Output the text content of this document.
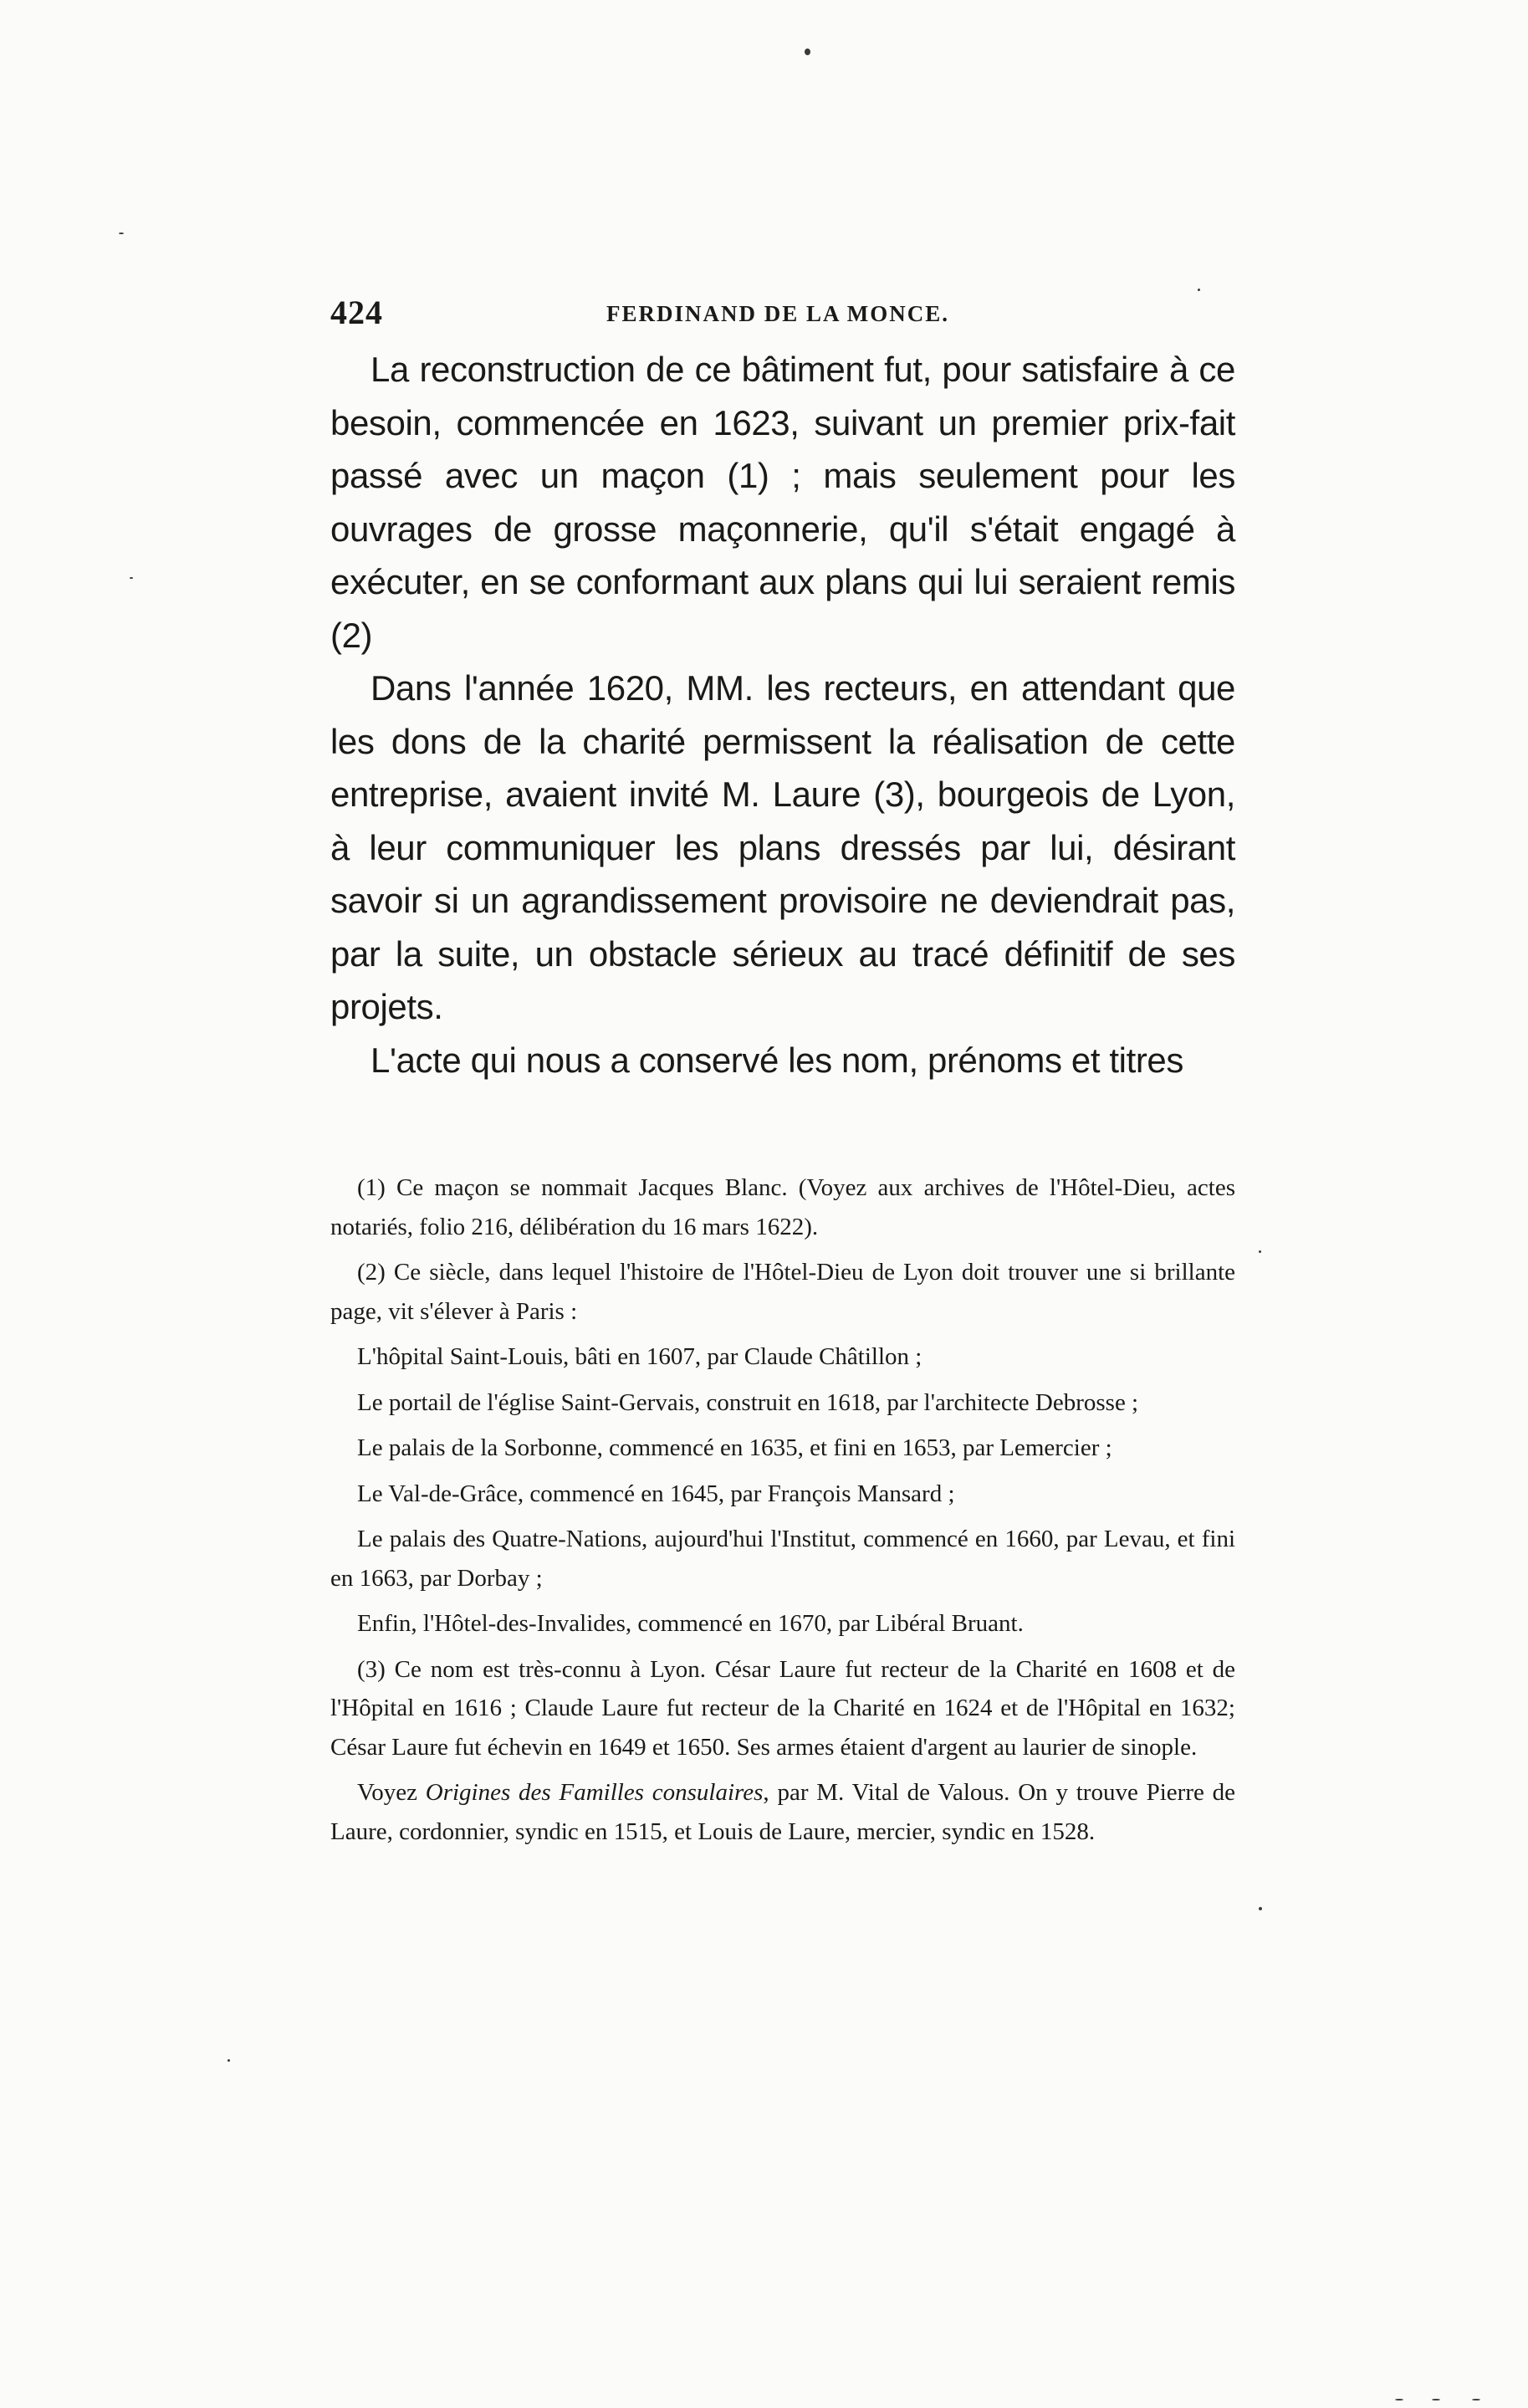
424	FERDINAND DE LA MONCE.

La reconstruction de ce bâtiment fut, pour satisfaire à ce besoin, commencée en 1623, suivant un premier prix-fait passé avec un maçon (1) ; mais seulement pour les ouvrages de grosse maçonnerie, qu'il s'était engagé à exécuter, en se conformant aux plans qui lui seraient remis (2)

Dans l'année 1620, MM. les recteurs, en attendant que les dons de la charité permissent la réalisation de cette entreprise, avaient invité M. Laure (3), bourgeois de Lyon, à leur communiquer les plans dressés par lui, désirant savoir si un agrandissement provisoire ne deviendrait pas, par la suite, un obstacle sérieux au tracé définitif de ses projets.

L'acte qui nous a conservé les nom, prénoms et titres

(1) Ce maçon se nommait Jacques Blanc. (Voyez aux archives de l'Hôtel-Dieu, actes notariés, folio 216, délibération du 16 mars 1622).

(2) Ce siècle, dans lequel l'histoire de l'Hôtel-Dieu de Lyon doit trouver une si brillante page, vit s'élever à Paris :

L'hôpital Saint-Louis, bâti en 1607, par Claude Châtillon ;

Le portail de l'église Saint-Gervais, construit en 1618, par l'architecte Debrosse ;

Le palais de la Sorbonne, commencé en 1635, et fini en 1653, par Lemercier ;

Le Val-de-Grâce, commencé en 1645, par François Mansard ;

Le palais des Quatre-Nations, aujourd'hui l'Institut, commencé en 1660, par Levau, et fini en 1663, par Dorbay ;

Enfin, l'Hôtel-des-Invalides, commencé en 1670, par Libéral Bruant.

(3) Ce nom est très-connu à Lyon. César Laure fut recteur de la Charité en 1608 et de l'Hôpital en 1616 ; Claude Laure fut recteur de la Charité en 1624 et de l'Hôpital en 1632; César Laure fut échevin en 1649 et 1650. Ses armes étaient d'argent au laurier de sinople.

Voyez Origines des Familles consulaires, par M. Vital de Valous. On y trouve Pierre de Laure, cordonnier, syndic en 1515, et Louis de Laure, mercier, syndic en 1528.
